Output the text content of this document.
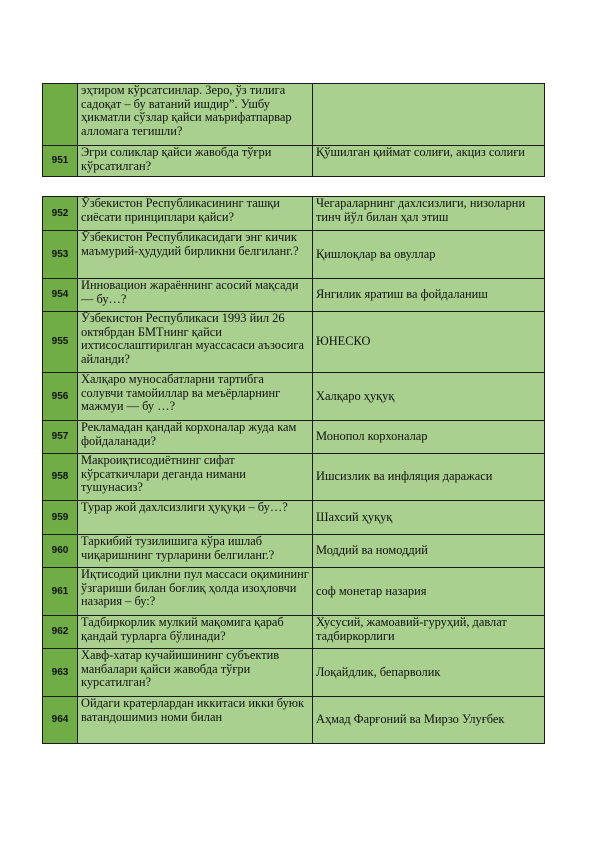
	эҳтиром кўрсатсинлар. Зеро, ўз тилига садоқат – бу ватаний ишдир”. Ушбу ҳикматли сўзлар қайси маърифатпарвар алломага тегишли?	
951	Эгри соликлар қайси жавобда тўғри кўрсатилган?	Қўшилган қиймат солиғи, акциз солиғи
952	Ўзбекистон Республикасининг ташқи сиёсати принциплари қайси?	Чегараларнинг дахлсизлиги, низоларни тинч йўл билан ҳал этиш
953	Ўзбекистон Республикасидаги энг кичик маъмурий-ҳудудий бирликни белгиланг.?	Қишлоқлар ва овуллар
954	Инновацион жараённинг асосий мақсади — бу…?	Янгилик яратиш ва фойдаланиш
955	Ўзбекистон Республикаси 1993 йил 26 октябрдан БМТнинг қайси ихтисослаштирилган муассасаси аъзосига айланди?	ЮНЕСКО
956	Халқаро муносабатларни тартибга солувчи тамойиллар ва меъёрларнинг мажмуи — бу …?	Халқаро ҳуқуқ
957	Рекламадан қандай корхоналар жуда кам фойдаланади?	Монопол корхоналар
958	Макроиқтисодиётнинг сифат кўрсаткичлари деганда нимани тушунасиз?	Ишсизлик ва инфляция даражаси
959	Турар жой дахлсизлиги ҳуқуқи – бу…?	Шахсий ҳуқуқ
960	Таркибий тузилишига кўра ишлаб чиқаришнинг турларини белгиланг.?	Моддий ва номоддий
961	Иқтисодий циклни пул массаси оқимининг ўзгариши билан боғлиқ ҳолда изоҳловчи назария – бу:?	соф монетар назария
962	Тадбиркорлик мулкий мақомига қараб қандай турларга бўлинади?	Хусусий, жамоавий-гуруҳий, давлат тадбиркорлиги
963	Хавф-хатар кучайишининг субъектив манбалари қайси жавобда тўғри курсатилган?	Лоқайдлик, бепарволик
964	Ойдаги кратерлардан иккитаси икки буюк ватандошимиз номи билан	Аҳмад Фарғоний ва Мирзо Улуғбек
